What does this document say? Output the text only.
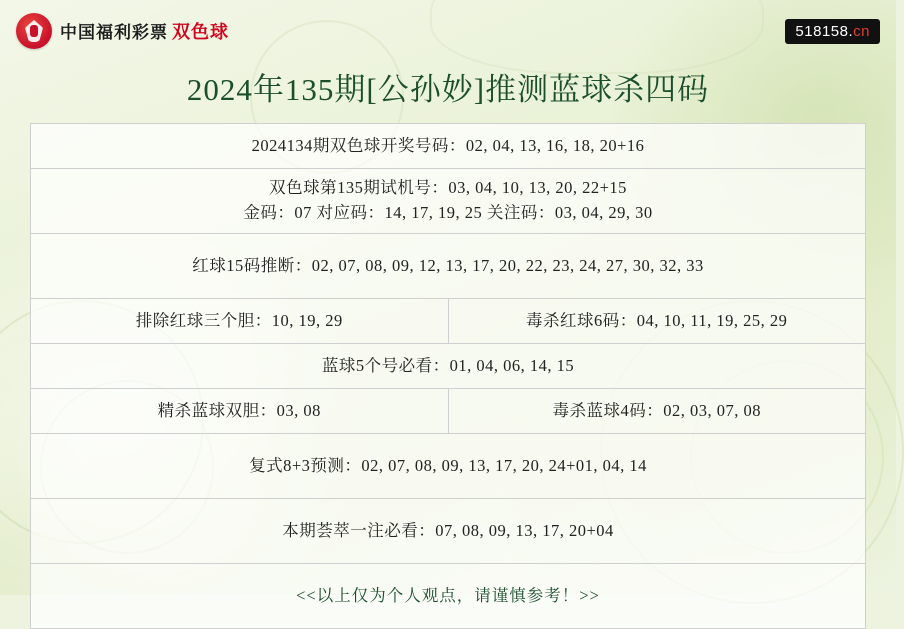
中国福利彩票 双色球	518158.cn
2024年135期[公孙妙]推测蓝球杀四码
2024134期双色球开奖号码：02, 04, 13, 16, 18, 20+16	

双色球第135期试机号：03, 04, 10, 13, 20, 22+15
金码：07 对应码：14, 17, 19, 25 关注码：03, 04, 29, 30	

红球15码推断：02, 07, 08, 09, 12, 13, 17, 20, 22, 23, 24, 27, 30, 32, 33	
排除红球三个胆：10, 19, 29	毒杀红球6码：04, 10, 11, 19, 25, 29
蓝球5个号必看：01, 04, 06, 14, 15	
精杀蓝球双胆：03, 08	毒杀蓝球4码：02, 03, 07, 08
复式8+3预测：02, 07, 08, 09, 13, 17, 20, 24+01, 04, 14	
本期荟萃一注必看：07, 08, 09, 13, 17, 20+04	
<<以上仅为个人观点，请谨慎参考！>>	
